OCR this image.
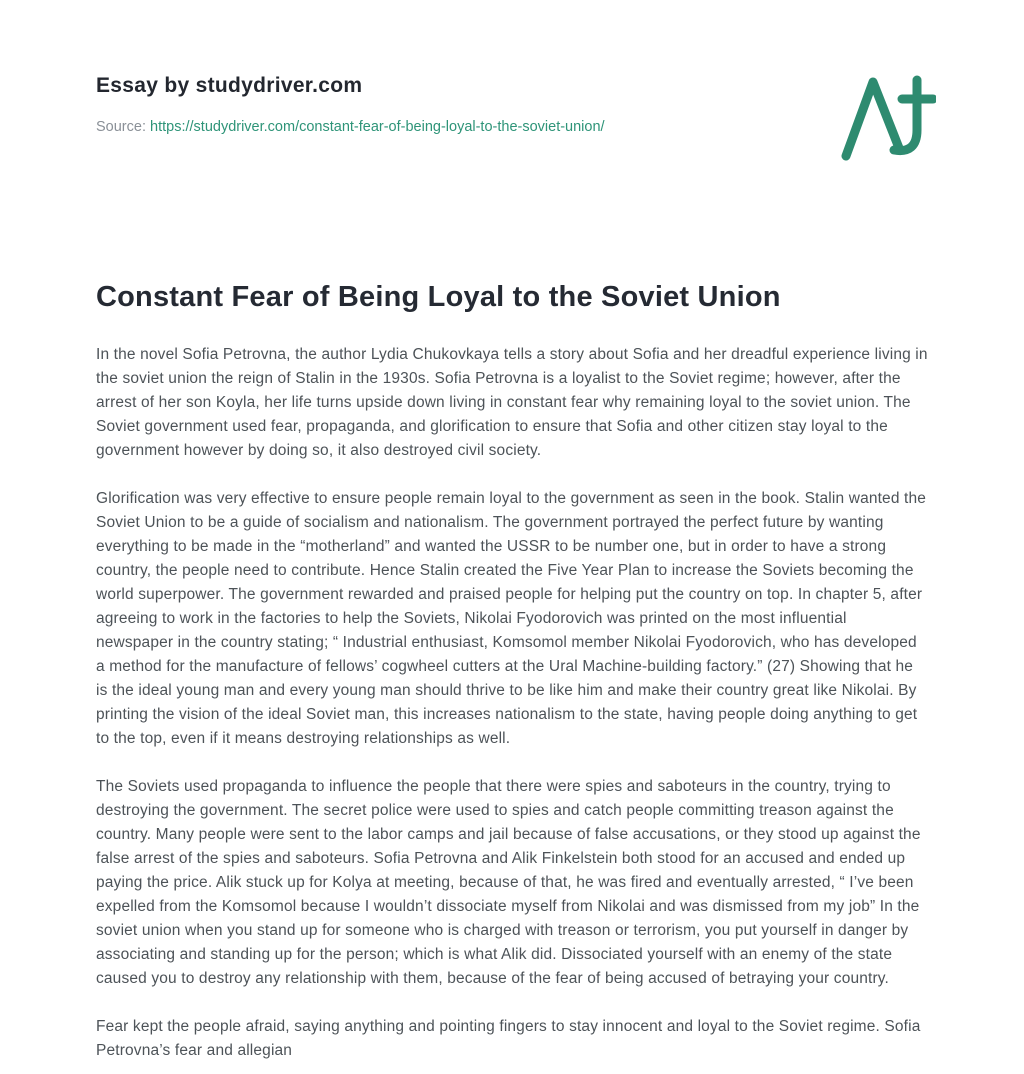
Essay by studydriver.com
Source: https://studydriver.com/constant-fear-of-being-loyal-to-the-soviet-union/
Constant Fear of Being Loyal to the Soviet Union

In the novel Sofia Petrovna, the author Lydia Chukovkaya tells a story about Sofia and her dreadful experience living in the soviet union the reign of Stalin in the 1930s. Sofia Petrovna is a loyalist to the Soviet regime; however, after the arrest of her son Koyla, her life turns upside down living in constant fear why remaining loyal to the soviet union. The Soviet government used fear, propaganda, and glorification to ensure that Sofia and other citizen stay loyal to the government however by doing so, it also destroyed civil society.

Glorification was very effective to ensure people remain loyal to the government as seen in the book. Stalin wanted the Soviet Union to be a guide of socialism and nationalism. The government portrayed the perfect future by wanting everything to be made in the “motherland” and wanted the USSR to be number one, but in order to have a strong country, the people need to contribute. Hence Stalin created the Five Year Plan to increase the Soviets becoming the world superpower. The government rewarded and praised people for helping put the country on top. In chapter 5, after agreeing to work in the factories to help the Soviets, Nikolai Fyodorovich was printed on the most influential newspaper in the country stating; “ Industrial enthusiast, Komsomol member Nikolai Fyodorovich, who has developed a method for the manufacture of fellows’ cogwheel cutters at the Ural Machine-building factory.” (27) Showing that he is the ideal young man and every young man should thrive to be like him and make their country great like Nikolai. By printing the vision of the ideal Soviet man, this increases nationalism to the state, having people doing anything to get to the top, even if it means destroying relationships as well.

The Soviets used propaganda to influence the people that there were spies and saboteurs in the country, trying to destroying the government. The secret police were used to spies and catch people committing treason against the country. Many people were sent to the labor camps and jail because of false accusations, or they stood up against the false arrest of the spies and saboteurs. Sofia Petrovna and Alik Finkelstein both stood for an accused and ended up paying the price. Alik stuck up for Kolya at meeting, because of that, he was fired and eventually arrested, “ I’ve been expelled from the Komsomol because I wouldn’t dissociate myself from Nikolai and was dismissed from my job” In the soviet union when you stand up for someone who is charged with treason or terrorism, you put yourself in danger by associating and standing up for the person; which is what Alik did. Dissociated yourself with an enemy of the state caused you to destroy any relationship with them, because of the fear of being accused of betraying your country.

Fear kept the people afraid, saying anything and pointing fingers to stay innocent and loyal to the Soviet regime. Sofia Petrovna’s fear and allegian
